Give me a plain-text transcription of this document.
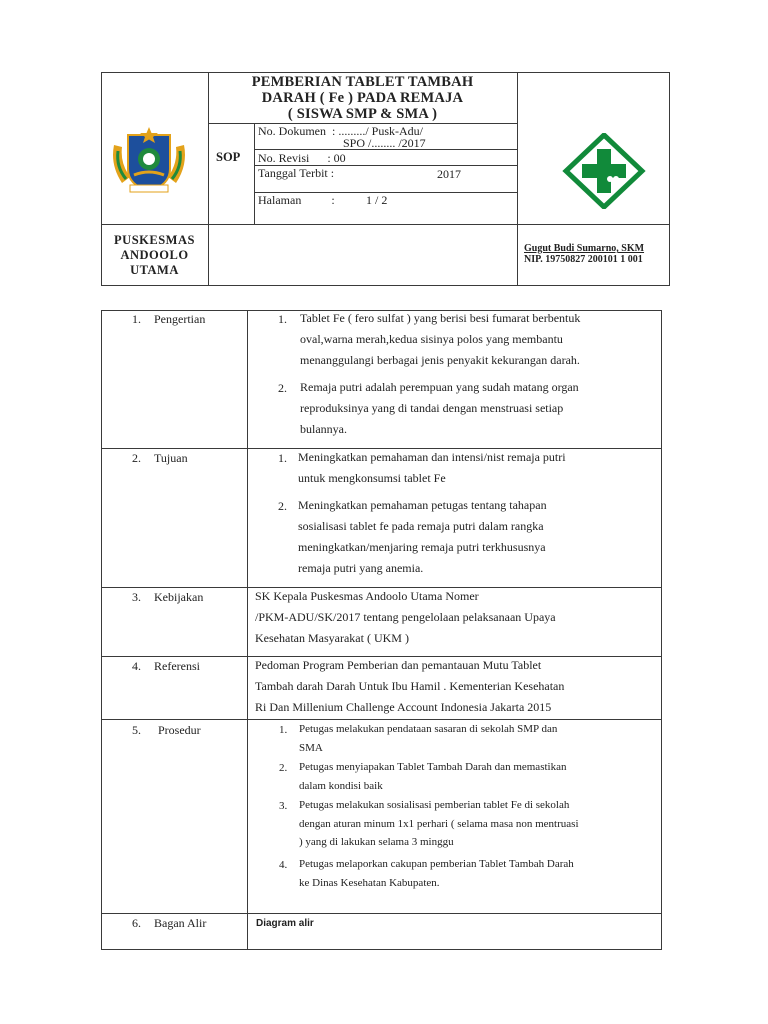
PEMBERIAN TABLET TAMBAH
DARAH ( Fe ) PADA REMAJA
( SISWA SMP & SMA )
SOP
No. Dokumen  : ........./ Pusk-Adu/
SPO /........ /2017
No. Revisi      : 00
Tanggal Terbit :	2017
Halaman          :	1 / 2
PUSKESMAS
ANDOOLO
UTAMA
Gugut Budi Sumarno, SKM
NIP. 19750827 200101 1 001
1. Pengertian	1. Tablet Fe ( fero sulfat ) yang berisi besi fumarat berbentuk
oval,warna merah,kedua sisinya polos yang membantu
menanggulangi berbagai jenis penyakit kekurangan darah.
2. Remaja putri adalah perempuan yang sudah matang organ
reproduksinya yang di tandai dengan menstruasi setiap
bulannya.
2. Tujuan	1. Meningkatkan pemahaman dan intensi/nist remaja putri
untuk mengkonsumsi tablet Fe
2. Meningkatkan pemahaman petugas tentang tahapan
sosialisasi tablet fe pada remaja putri dalam rangka
meningkatkan/menjaring remaja putri terkhususnya
remaja putri yang anemia.
3. Kebijakan	SK Kepala Puskesmas Andoolo Utama Nomer
/PKM-ADU/SK/2017 tentang pengelolaan pelaksanaan Upaya
Kesehatan Masyarakat ( UKM )
4. Referensi	Pedoman Program Pemberian dan pemantauan Mutu Tablet
Tambah darah Darah Untuk Ibu Hamil . Kementerian Kesehatan
Ri Dan Millenium Challenge Account Indonesia Jakarta 2015
5. Prosedur	1. Petugas melakukan pendataan sasaran di sekolah SMP dan
SMA
2. Petugas menyiapakan Tablet Tambah Darah dan memastikan
dalam kondisi baik
3. Petugas melakukan sosialisasi pemberian tablet Fe di sekolah
dengan aturan minum 1x1 perhari ( selama masa non mentruasi
) yang di lakukan selama 3 minggu
4. Petugas melaporkan cakupan pemberian Tablet Tambah Darah
ke Dinas Kesehatan Kabupaten.
6. Bagan Alir	Diagram alir
